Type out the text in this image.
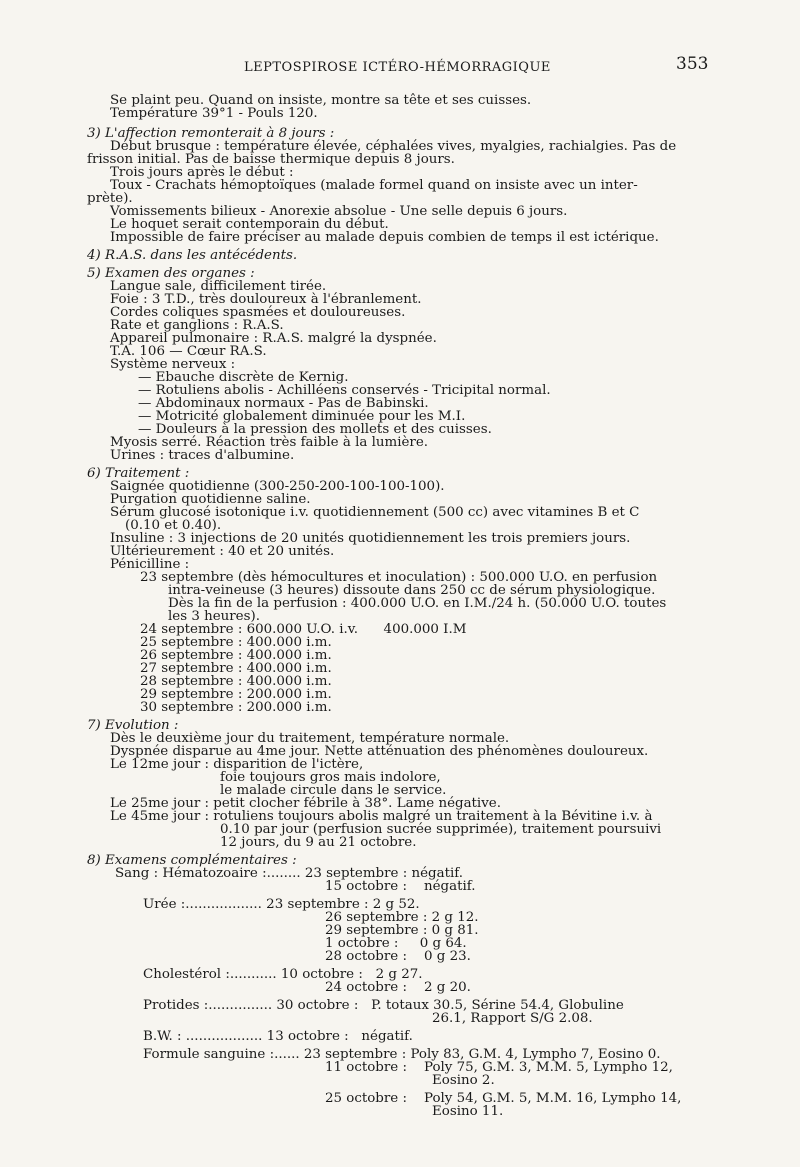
LEPTOSPIROSE ICTÉRO-HÉMORRAGIQUE	353
Se plaint peu. Quand on insiste, montre sa tête et ses cuisses.
Température 39°1 - Pouls 120.
3) L'affection remonterait à 8 jours :
Début brusque : température élevée, céphalées vives, myalgies, rachialgies. Pas de
frisson initial. Pas de baisse thermique depuis 8 jours.
Trois jours après le début :
Toux - Crachats hémoptoïques (malade formel quand on insiste avec un inter-
prète).
Vomissements bilieux - Anorexie absolue - Une selle depuis 6 jours.
Le hoquet serait contemporain du début.
Impossible de faire préciser au malade depuis combien de temps il est ictérique.
4) R.A.S. dans les antécédents.
5) Examen des organes :
Langue sale, difficilement tirée.
Foie : 3 T.D., très douloureux à l'ébranlement.
Cordes coliques spasmées et douloureuses.
Rate et ganglions : R.A.S.
Appareil pulmonaire : R.A.S. malgré la dyspnée.
T.A. 106 — Cœur RA.S.
Système nerveux :
— Ebauche discrète de Kernig.
— Rotuliens abolis - Achilléens conservés - Tricipital normal.
— Abdominaux normaux - Pas de Babinski.
— Motricité globalement diminuée pour les M.I.
— Douleurs à la pression des mollets et des cuisses.
Myosis serré. Réaction très faible à la lumière.
Urines : traces d'albumine.
6) Traitement :
Saignée quotidienne (300-250-200-100-100-100).
Purgation quotidienne saline.
Sérum glucosé isotonique i.v. quotidiennement (500 cc) avec vitamines B et C
(0.10 et 0.40).
Insuline : 3 injections de 20 unités quotidiennement les trois premiers jours.
Ultérieurement : 40 et 20 unités.
Pénicilline :
23 septembre (dès hémocultures et inoculation) : 500.000 U.O. en perfusion
intra-veineuse (3 heures) dissoute dans 250 cc de sérum physiologique.
Dès la fin de la perfusion : 400.000 U.O. en I.M./24 h. (50.000 U.O. toutes
les 3 heures).
24 septembre : 600.000 U.O. i.v.      400.000 I.M
25 septembre : 400.000 i.m.
26 septembre : 400.000 i.m.
27 septembre : 400.000 i.m.
28 septembre : 400.000 i.m.
29 septembre : 200.000 i.m.
30 septembre : 200.000 i.m.
7) Evolution :
Dès le deuxième jour du traitement, température normale.
Dyspnée disparue au 4me jour. Nette atténuation des phénomènes douloureux.
Le 12me jour : disparition de l'ictère,
foie toujours gros mais indolore,
le malade circule dans le service.
Le 25me jour : petit clocher fébrile à 38°. Lame négative.
Le 45me jour : rotuliens toujours abolis malgré un traitement à la Bévitine i.v. à
0.10 par jour (perfusion sucrée supprimée), traitement poursuivi
12 jours, du 9 au 21 octobre.
8) Examens complémentaires :
Sang : Hématozoaire :........ 23 septembre : négatif.
15 octobre :    négatif.
Urée :.................. 23 septembre : 2 g 52.
26 septembre : 2 g 12.
29 septembre : 0 g 81.
1 octobre :     0 g 64.
28 octobre :    0 g 23.
Cholestérol :........... 10 octobre :   2 g 27.
24 octobre :    2 g 20.
Protides :............... 30 octobre :   P. totaux 30.5, Sérine 54.4, Globuline
26.1, Rapport S/G 2.08.
B.W. : .................. 13 octobre :   négatif.
Formule sanguine :...... 23 septembre : Poly 83, G.M. 4, Lympho 7, Eosino 0.
11 octobre :    Poly 75, G.M. 3, M.M. 5, Lympho 12,
Eosino 2.
25 octobre :    Poly 54, G.M. 5, M.M. 16, Lympho 14,
Eosino 11.
